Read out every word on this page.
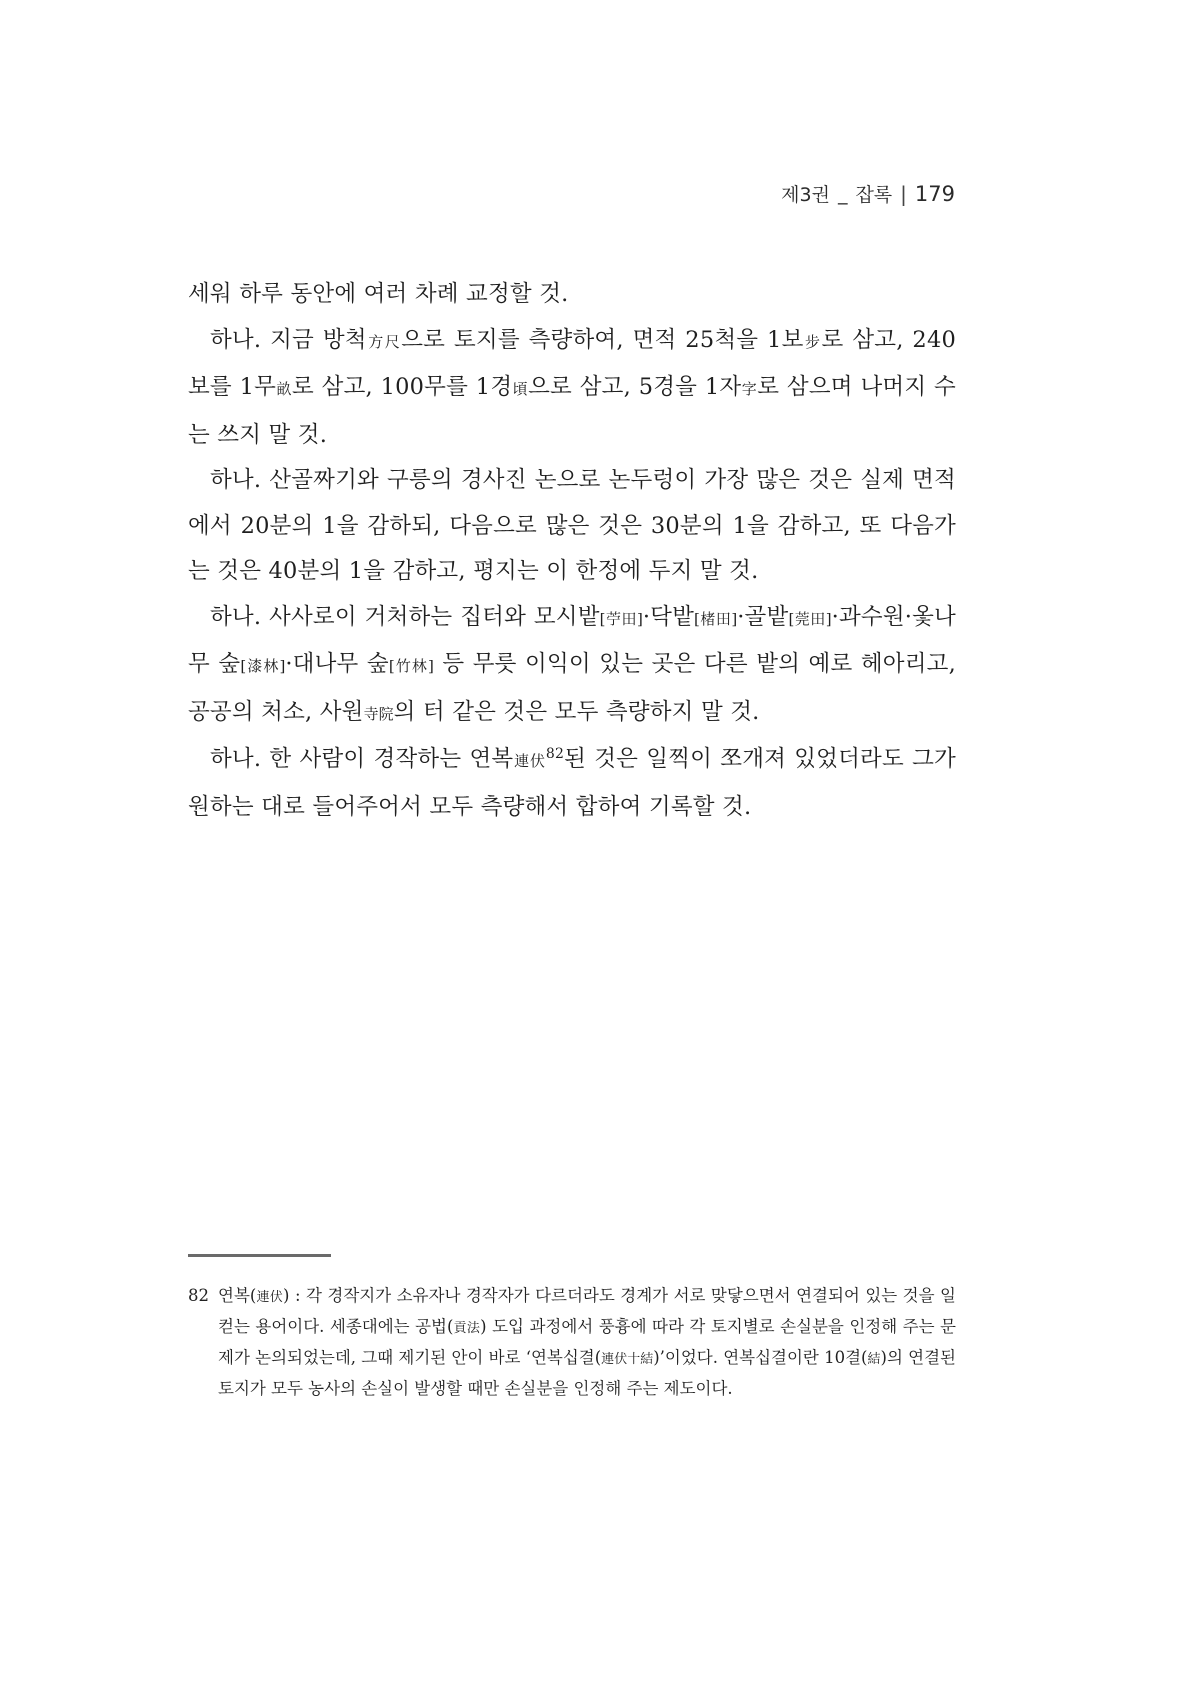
제3권 _ 잡록 | 179

세워 하루 동안에 여러 차례 교정할 것.

하나. 지금 방척方尺으로 토지를 측량하여, 면적 25척을 1보步로 삼고, 240보를 1무畝로 삼고, 100무를 1경頃으로 삼고, 5경을 1자字로 삼으며 나머지 수는 쓰지 말 것.

하나. 산골짜기와 구릉의 경사진 논으로 논두렁이 가장 많은 것은 실제 면적에서 20분의 1을 감하되, 다음으로 많은 것은 30분의 1을 감하고, 또 다음가는 것은 40분의 1을 감하고, 평지는 이 한정에 두지 말 것.

하나. 사사로이 거처하는 집터와 모시밭[苧田]·닥밭[楮田]·골밭[莞田]·과수원·옻나무 숲[漆林]·대나무 숲[竹林] 등 무릇 이익이 있는 곳은 다른 밭의 예로 헤아리고, 공공의 처소, 사원寺院의 터 같은 것은 모두 측량하지 말 것.

하나. 한 사람이 경작하는 연복連伏$^{82}$된 것은 일찍이 쪼개져 있었더라도 그가 원하는 대로 들어주어서 모두 측량해서 합하여 기록할 것.

82 연복(連伏) : 각 경작지가 소유자나 경작자가 다르더라도 경계가 서로 맞닿으면서 연결되어 있는 것을 일컫는 용어이다. 세종대에는 공법(貢法) 도입 과정에서 풍흉에 따라 각 토지별로 손실분을 인정해 주는 문제가 논의되었는데, 그때 제기된 안이 바로 ‘연복십결(連伏十結)’이었다. 연복십결이란 10결(結)의 연결된 토지가 모두 농사의 손실이 발생할 때만 손실분을 인정해 주는 제도이다.
